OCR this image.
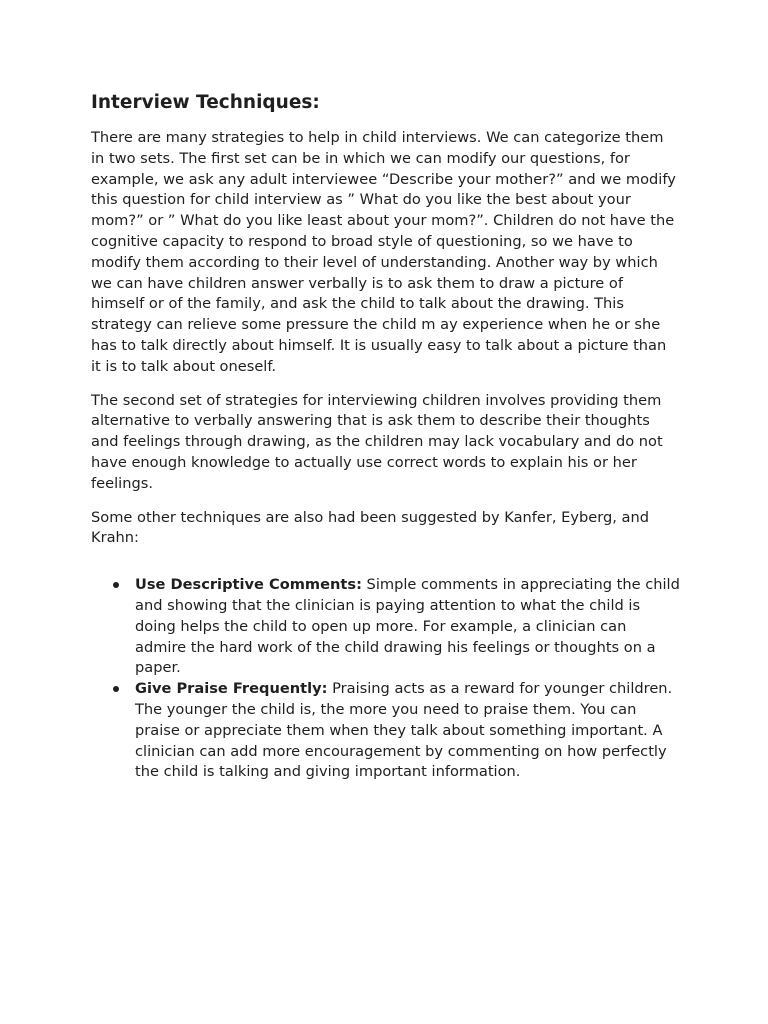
Interview Techniques:

There are many strategies to help in child interviews. We can categorize them in two sets. The first set can be in which we can modify our questions, for example, we ask any adult interviewee “Describe your mother?” and we modify this question for child interview as ” What do you like the best about your mom?” or ” What do you like least about your mom?”. Children do not have the cognitive capacity to respond to broad style of questioning, so we have to modify them according to their level of understanding. Another way by which we can have children answer verbally is to ask them to draw a picture of himself or of the family, and ask the child to talk about the drawing. This strategy can relieve some pressure the child m ay experience when he or she has to talk directly about himself. It is usually easy to talk about a picture than it is to talk about oneself.

The second set of strategies for interviewing children involves providing them alternative to verbally answering that is ask them to describe their thoughts and feelings through drawing, as the children may lack vocabulary and do not have enough knowledge to actually use correct words to explain his or her feelings.

Some other techniques are also had been suggested by Kanfer, Eyberg, and Krahn:

Use Descriptive Comments: Simple comments in appreciating the child and showing that the clinician is paying attention to what the child is doing helps the child to open up more. For example, a clinician can admire the hard work of the child drawing his feelings or thoughts on a paper.
Give Praise Frequently: Praising acts as a reward for younger children. The younger the child is, the more you need to praise them. You can praise or appreciate them when they talk about something important. A clinician can add more encouragement by commenting on how perfectly the child is talking and giving important information.
